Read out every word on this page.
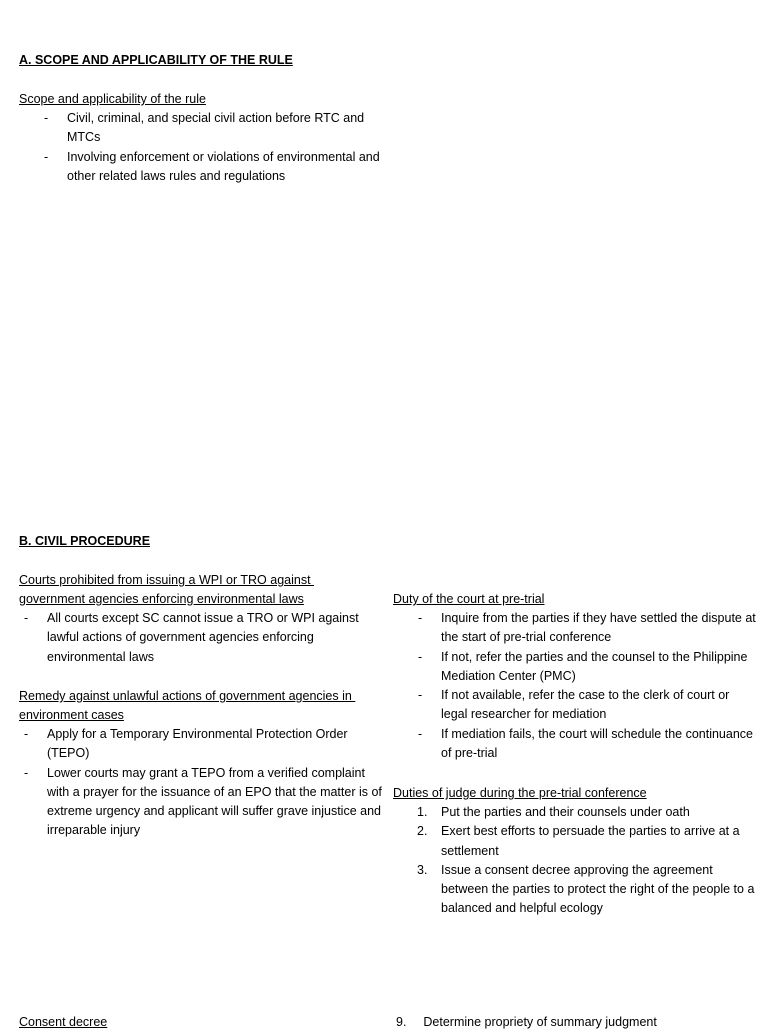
A. SCOPE AND APPLICABILITY OF THE RULE
Scope and applicability of the rule
- Civil, criminal, and special civil action before RTC and MTCs
- Involving enforcement or violations of environmental and other related laws rules and regulations
B. CIVIL PROCEDURE
Courts prohibited from issuing a WPI or TRO against
government agencies enforcing environmental laws
- All courts except SC cannot issue a TRO or WPI against lawful actions of government agencies enforcing environmental laws
Remedy against unlawful actions of government agencies in
environment cases
- Apply for a Temporary Environmental Protection Order (TEPO)
- Lower courts may grant a TEPO from a verified complaint with a prayer for the issuance of an EPO that the matter is of extreme urgency and applicant will suffer grave injustice and irreparable injury
Consent decree
Duty of the court at pre-trial
- Inquire from the parties if they have settled the dispute at the start of pre-trial conference
- If not, refer the parties and the counsel to the Philippine Mediation Center (PMC)
- If not available, refer the case to the clerk of court or legal researcher for mediation
- If mediation fails, the court will schedule the continuance of pre-trial
Duties of judge during the pre-trial conference
1. Put the parties and their counsels under oath
2. Exert best efforts to persuade the parties to arrive at a settlement
3. Issue a consent decree approving the agreement between the parties to protect the right of the people to a balanced and helpful ecology
9. Determine propriety of summary judgment
